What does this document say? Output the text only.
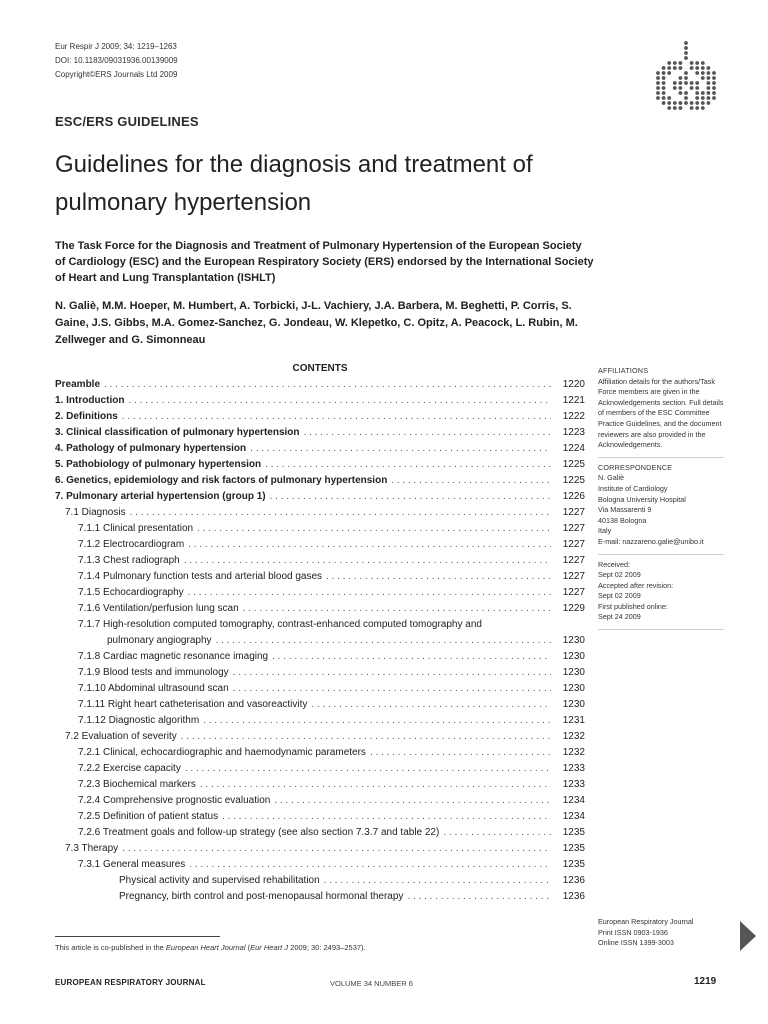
Eur Respir J 2009; 34: 1219–1263
DOI: 10.1183/09031936.00139009
Copyright©ERS Journals Ltd 2009
ESC/ERS GUIDELINES
Guidelines for the diagnosis and treatment of pulmonary hypertension
The Task Force for the Diagnosis and Treatment of Pulmonary Hypertension of the European Society of Cardiology (ESC) and the European Respiratory Society (ERS) endorsed by the International Society of Heart and Lung Transplantation (ISHLT)
N. Galiè, M.M. Hoeper, M. Humbert, A. Torbicki, J-L. Vachiery, J.A. Barbera, M. Beghetti, P. Corris, S. Gaine, J.S. Gibbs, M.A. Gomez-Sanchez, G. Jondeau, W. Klepetko, C. Opitz, A. Peacock, L. Rubin, M. Zellweger and G. Simonneau
CONTENTS
Preamble . . .	1220
1. Introduction . . .	1221
2. Definitions . . .	1222
3. Clinical classification of pulmonary hypertension . . .	1223
4. Pathology of pulmonary hypertension . . .	1224
5. Pathobiology of pulmonary hypertension . . .	1225
6. Genetics, epidemiology and risk factors of pulmonary hypertension . . .	1225
7. Pulmonary arterial hypertension (group 1) . . .	1226
7.1 Diagnosis . . .	1227
7.1.1 Clinical presentation . . .	1227
7.1.2 Electrocardiogram . . .	1227
7.1.3 Chest radiograph . . .	1227
7.1.4 Pulmonary function tests and arterial blood gases . . .	1227
7.1.5 Echocardiography . . .	1227
7.1.6 Ventilation/perfusion lung scan . . .	1229
7.1.7 High-resolution computed tomography, contrast-enhanced computed tomography and
pulmonary angiography . . .	1230
7.1.8 Cardiac magnetic resonance imaging . . .	1230
7.1.9 Blood tests and immunology . . .	1230
7.1.10 Abdominal ultrasound scan . . .	1230
7.1.11 Right heart catheterisation and vasoreactivity . . .	1230
7.1.12 Diagnostic algorithm . . .	1231
7.2 Evaluation of severity . . .	1232
7.2.1 Clinical, echocardiographic and haemodynamic parameters . . .	1232
7.2.2 Exercise capacity . . .	1233
7.2.3 Biochemical markers . . .	1233
7.2.4 Comprehensive prognostic evaluation . . .	1234
7.2.5 Definition of patient status . . .	1234
7.2.6 Treatment goals and follow-up strategy (see also section 7.3.7 and table 22) . . .	1235
7.3 Therapy . . .	1235
7.3.1 General measures . . .	1235
Physical activity and supervised rehabilitation . . .	1236
Pregnancy, birth control and post-menopausal hormonal therapy . . .	1236
AFFILIATIONS
Affiliation details for the authors/Task Force members are given in the Acknowledgements section. Full details of members of the ESC Committee Practice Guidelines, and the document reviewers are also provided in the Acknowledgements.
CORRESPONDENCE
N. Galiè
Institute of Cardiology
Bologna University Hospital
Via Massarenti 9
40138 Bologna
Italy
E-mail: nazzareno.galie@unibo.it
Received:
Sept 02 2009
Accepted after revision:
Sept 02 2009
First published online:
Sept 24 2009
European Respiratory Journal
Print ISSN 0903-1936
Online ISSN 1399-3003
This article is co-published in the European Heart Journal (Eur Heart J 2009; 30: 2493–2537).
EUROPEAN RESPIRATORY JOURNAL	VOLUME 34 NUMBER 6	1219
